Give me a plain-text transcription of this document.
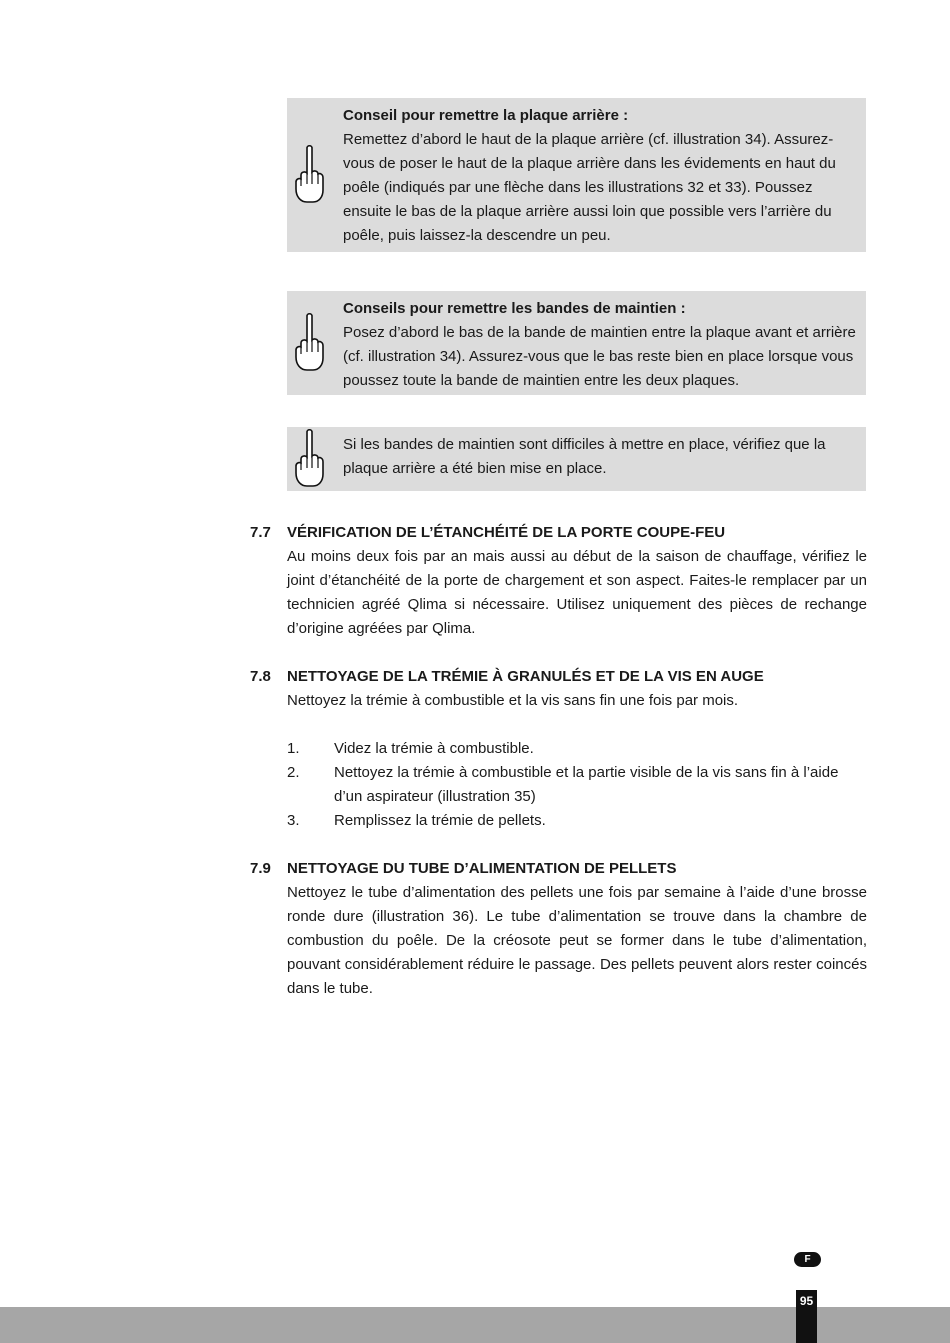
Conseil pour remettre la plaque arrière :

Remettez d’abord le haut de la plaque arrière (cf. illustration 34). Assurez-vous de poser le haut de la plaque arrière dans les évidements en haut du poêle (indiqués par une flèche dans les illustrations 32 et 33). Poussez ensuite le bas de la plaque arrière aussi loin que possible vers l’arrière du poêle, puis laissez-la descendre un peu.

Conseils pour remettre les bandes de maintien :

Posez d’abord le bas de la bande de maintien entre la plaque avant et arrière (cf. illustration 34). Assurez-vous que le bas reste bien en place lorsque vous poussez toute la bande de maintien entre les deux plaques.

Si les bandes de maintien sont difficiles à mettre en place, vérifiez que la plaque arrière a été bien mise en place.

7.7 VÉRIFICATION DE L’ÉTANCHÉITÉ DE LA PORTE COUPE-FEU
Au moins deux fois par an mais aussi au début de la saison de chauffage, vérifiez le joint d’étanchéité de la porte de chargement et son aspect. Faites-le remplacer par un technicien agréé Qlima si nécessaire. Utilisez uniquement des pièces de rechange d’origine agréées par Qlima.
7.8 NETTOYAGE DE LA TRÉMIE À GRANULÉS ET DE LA VIS EN AUGE
Nettoyez la trémie à combustible et la vis sans fin une fois par mois.
1. Videz la trémie à combustible.
2. Nettoyez la trémie à combustible et la partie visible de la vis sans fin à l’aide d’un aspirateur (illustration 35)
3. Remplissez la trémie de pellets.
7.9 NETTOYAGE DU TUBE D’ALIMENTATION DE PELLETS
Nettoyez le tube d’alimentation des pellets une fois par semaine à l’aide d’une brosse ronde dure (illustration 36). Le tube d’alimentation se trouve dans la chambre de combustion du poêle. De la créosote peut se former dans le tube d’alimentation, pouvant considérablement réduire le passage. Des pellets peuvent alors rester coincés dans le tube.
F
95
